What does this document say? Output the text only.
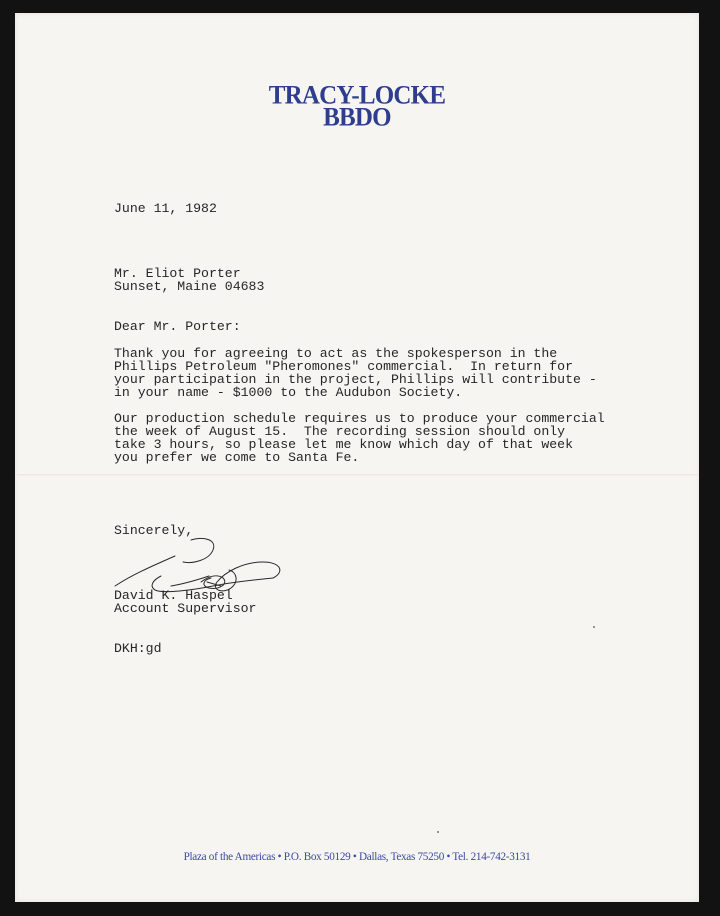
TRACY-LOCKE
BBDO
June 11, 1982
Mr. Eliot Porter
Sunset, Maine 04683
Dear Mr. Porter:
Thank you for agreeing to act as the spokesperson in the
Phillips Petroleum "Pheromones" commercial.  In return for
your participation in the project, Phillips will contribute -
in your name - $1000 to the Audubon Society.
Our production schedule requires us to produce your commercial
the week of August 15.  The recording session should only
take 3 hours, so please let me know which day of that week
you prefer we come to Santa Fe.
Sincerely,
David K. Haspel
Account Supervisor
DKH:gd
Plaza of the Americas • P.O. Box 50129 • Dallas, Texas 75250 • Tel. 214-742-3131
